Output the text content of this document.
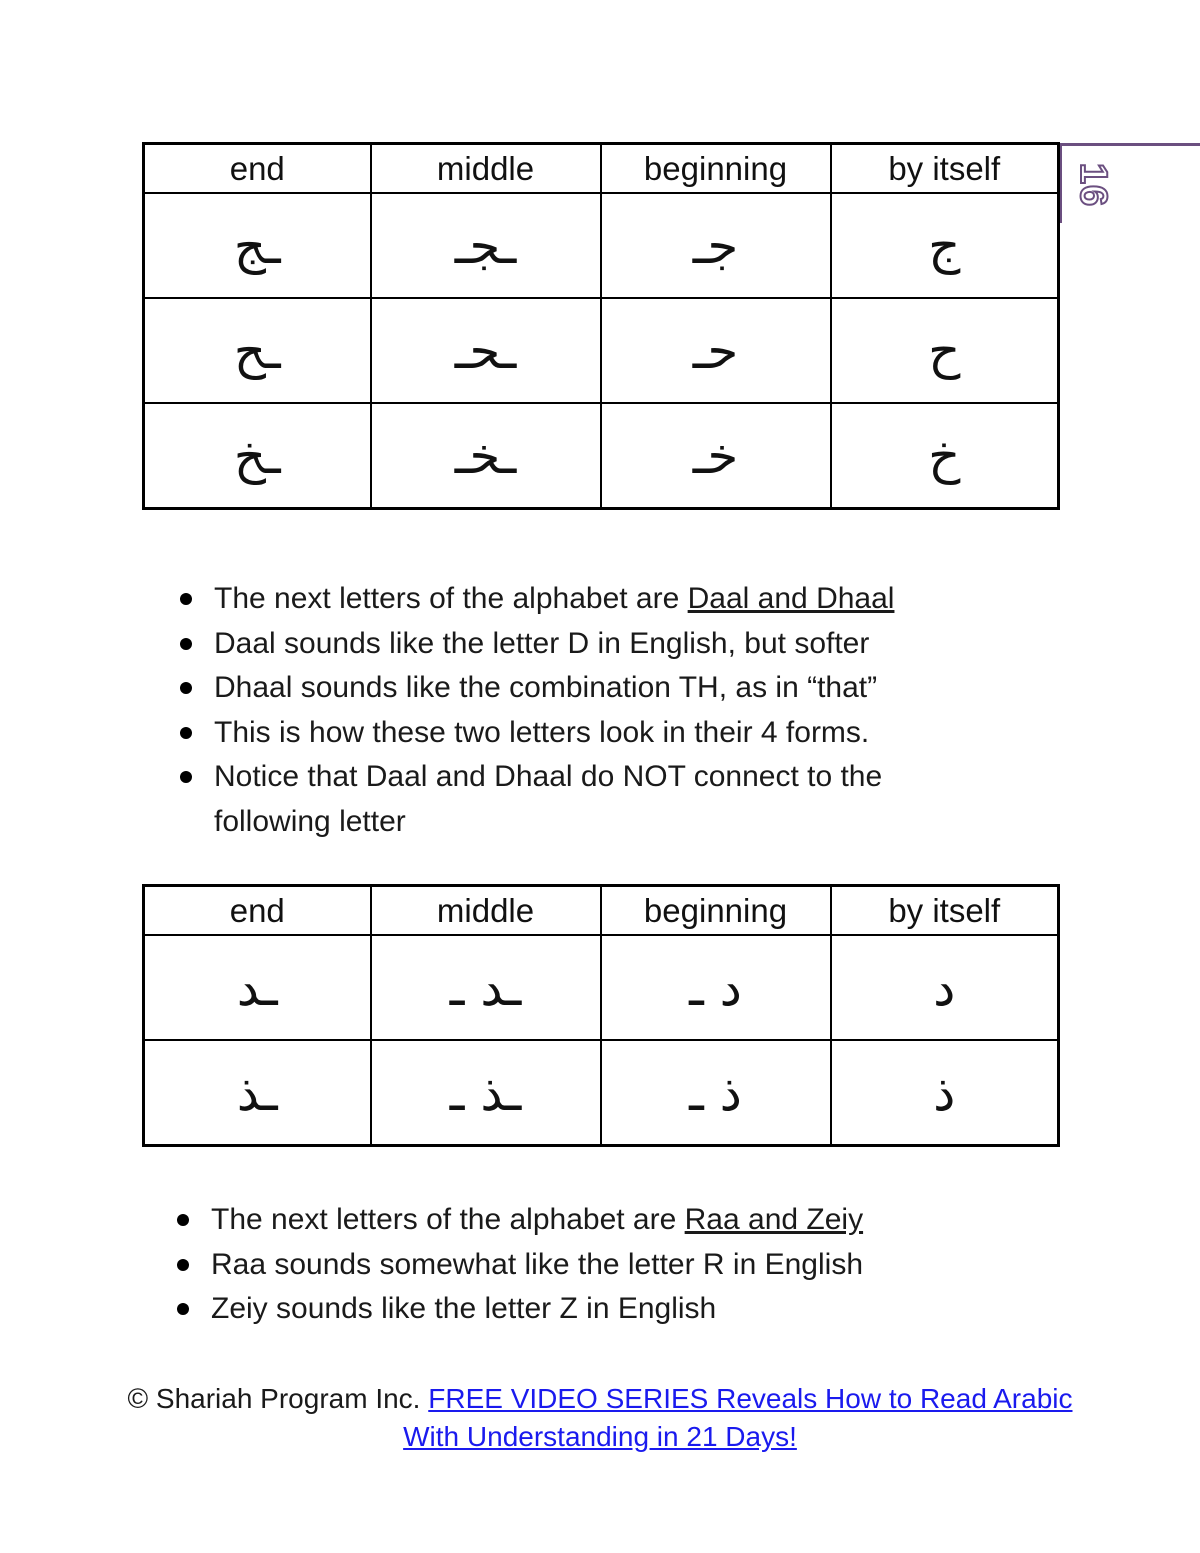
16
end	middle	beginning	by itself
ـج	ـجـ	جـ	ج
ـح	ـحـ	حـ	ح
ـخ	ـخـ	خـ	خ
The next letters of the alphabet are Daal and Dhaal
Daal sounds like the letter D in English, but softer
Dhaal sounds like the combination TH, as in “that”
This is how these two letters look in their 4 forms.
Notice that Daal and Dhaal do NOT connect to the following letter
end	middle	beginning	by itself
ـد	ـد ـ	د ـ	د
ـذ	ـذ ـ	ذ ـ	ذ
The next letters of the alphabet are Raa and Zeiy
Raa sounds somewhat like the letter R in English
Zeiy sounds like the letter Z in English
© Shariah Program Inc. FREE VIDEO SERIES Reveals How to Read Arabic With Understanding in 21 Days!
